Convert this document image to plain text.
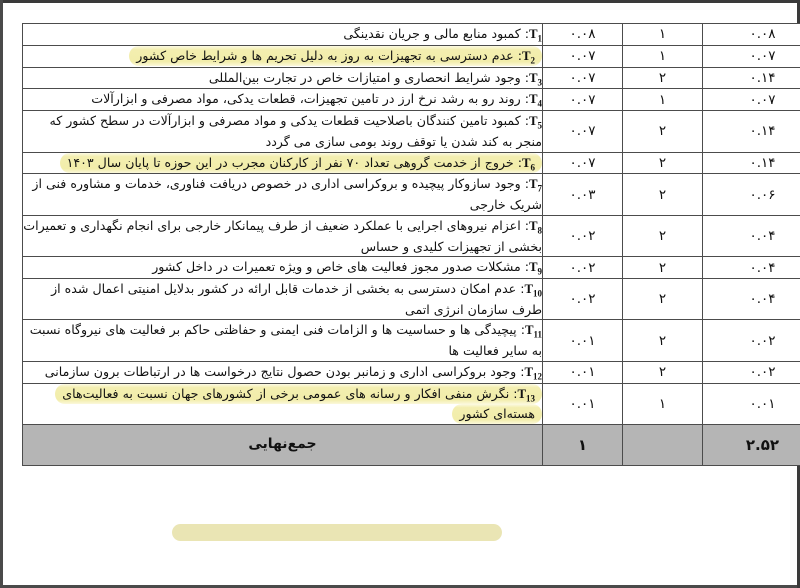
۰.۰۸	۱	۰.۰۸	$T_1$: کمبود منابع مالی و جریان نقدینگی
۰.۰۷	۱	۰.۰۷	$T_2$: عدم دسترسی به تجهیزات به روز به دلیل تحریم ها و شرایط خاص کشور
۰.۱۴	۲	۰.۰۷	$T_3$: وجود شرایط انحصاری و امتیازات خاص در تجارت بین‌المللی
۰.۰۷	۱	۰.۰۷	$T_4$: روند رو به رشد نرخ ارز در تامین تجهیزات، قطعات یدکی، مواد مصرفی و ابزارآلات
۰.۱۴	۲	۰.۰۷	$T_5$: کمبود تامین کنندگان باصلاحیت قطعات یدکی و مواد مصرفی و ابزارآلات در سطح کشور که منجر به کند شدن یا توقف روند بومی سازی می گردد
۰.۱۴	۲	۰.۰۷	$T_6$: خروج از خدمت گروهی تعداد ۷۰ نفر از کارکنان مجرب در این حوزه تا پایان سال ۱۴۰۳
۰.۰۶	۲	۰.۰۳	$T_7$: وجود سازوکار پیچیده و بروکراسی اداری در خصوص دریافت فناوری، خدمات و مشاوره فنی از شریک خارجی
۰.۰۴	۲	۰.۰۲	$T_8$: اعزام نیروهای اجرایی با عملکرد ضعیف از طرف پیمانکار خارجی برای انجام نگهداری و تعمیرات بخشی از تجهیزات کلیدی و حساس
۰.۰۴	۲	۰.۰۲	$T_9$: مشکلات صدور مجوز فعالیت های خاص و ویژه تعمیرات در داخل کشور
۰.۰۴	۲	۰.۰۲	$T_{10}$: عدم امکان دسترسی به بخشی از خدمات قابل ارائه در کشور بدلایل امنیتی اعمال شده از طرف سازمان انرژی اتمی
۰.۰۲	۲	۰.۰۱	$T_{11}$: پیچیدگی ها و حساسیت ها و الزامات فنی ایمنی و حفاظتی حاکم بر فعالیت های نیروگاه نسبت به سایر فعالیت ها
۰.۰۲	۲	۰.۰۱	$T_{12}$: وجود بروکراسی اداری و زمانبر بودن حصول نتایج درخواست ها در ارتباطات برون سازمانی
۰.۰۱	۱	۰.۰۱	$T_{13}$: نگرش منفی افکار و رسانه های عمومی برخی از کشورهای جهان نسبت به فعالیت‌های هسته‌ای کشور
۲.۵۲		۱	جمع‌نهایی
